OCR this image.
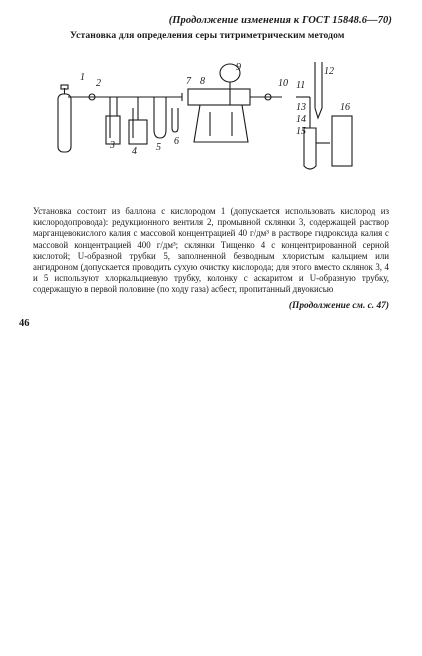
(Продолжение изменения к ГОСТ 15848.6—70)
Установка для определения серы титриметрическим методом
1
2
3
4 5
6
7 8
9
10 11
12
13
14
15
16
Установка состоит из баллона с кислородом 1 (допускается использовать кислород из кислородопровода): редукционного вентиля 2, промывной склянки 3, содержащей раствор марганцевокислого калия с массовой концентрацией 40 г/дм³ в растворе гидроксида калия с массовой концентрацией 400 г/дм³; склянки Тищенко 4 с концентрированной серной кислотой; U-образной трубки 5, заполненной безводным хлористым кальцием или ангидроном (допускается проводить сухую очистку кислорода; для этого вместо склянок 3, 4 и 5 используют хлоркальциевую трубку, колонку с аскаритом и U-образную трубку, содержащую в первой половине (по ходу газа) асбест, пропитанный двуокисью
(Продолжение см. с. 47)
46
